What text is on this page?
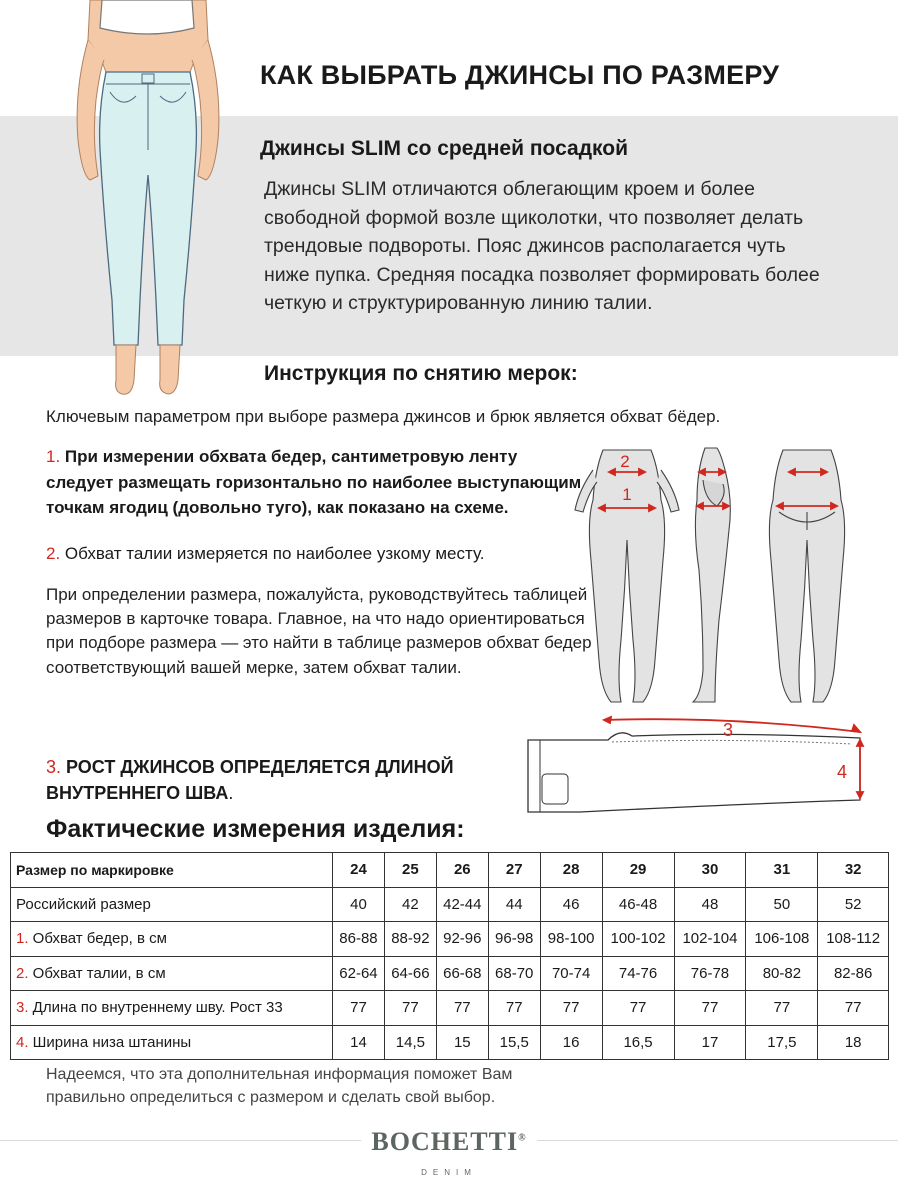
КАК ВЫБРАТЬ ДЖИНСЫ ПО РАЗМЕРУ
Джинсы SLIM со средней посадкой
Джинсы SLIM отличаются облегающим кроем и более свободной формой возле щиколотки, что позволяет делать трендовые подвороты. Пояс джинсов располагается чуть ниже пупка. Средняя посадка позволяет формировать более четкую и структурированную линию талии.
Инструкция по снятию мерок:
Ключевым параметром при выборе размера джинсов и брюк является обхват бёдер.
1. При измерении обхвата бедер, сантиметровую ленту следует размещать горизонтально по наиболее выступающим точкам ягодиц (довольно туго), как показано на схеме.
2. Обхват талии измеряется по наиболее узкому месту.
При определении размера, пожалуйста, руководствуйтесь таблицей размеров в карточке товара. Главное, на что надо ориентироваться при подборе размера — это найти в таблице размеров обхват бедер соответствующий вашей мерке, затем обхват талии.
3. РОСТ ДЖИНСОВ ОПРЕДЕЛЯЕТСЯ ДЛИНОЙ ВНУТРЕННЕГО ШВА.
2
1
3
4
Фактические измерения изделия:
Размер по маркировке	24	25	26	27	28	29	30	31	32
Российский размер	40	42	42-44	44	46	46-48	48	50	52
1. Обхват бедер, в см	86-88	88-92	92-96	96-98	98-100	100-102	102-104	106-108	108-112
2. Обхват талии, в см	62-64	64-66	66-68	68-70	70-74	74-76	76-78	80-82	82-86
3. Длина по внутреннему шву. Рост 33	77	77	77	77	77	77	77	77	77
4. Ширина низа штанины	14	14,5	15	15,5	16	16,5	17	17,5	18
Надеемся, что эта дополнительная информация поможет Вам
правильно определиться с размером и сделать свой выбор.
BOCHETTI®
DENIM
